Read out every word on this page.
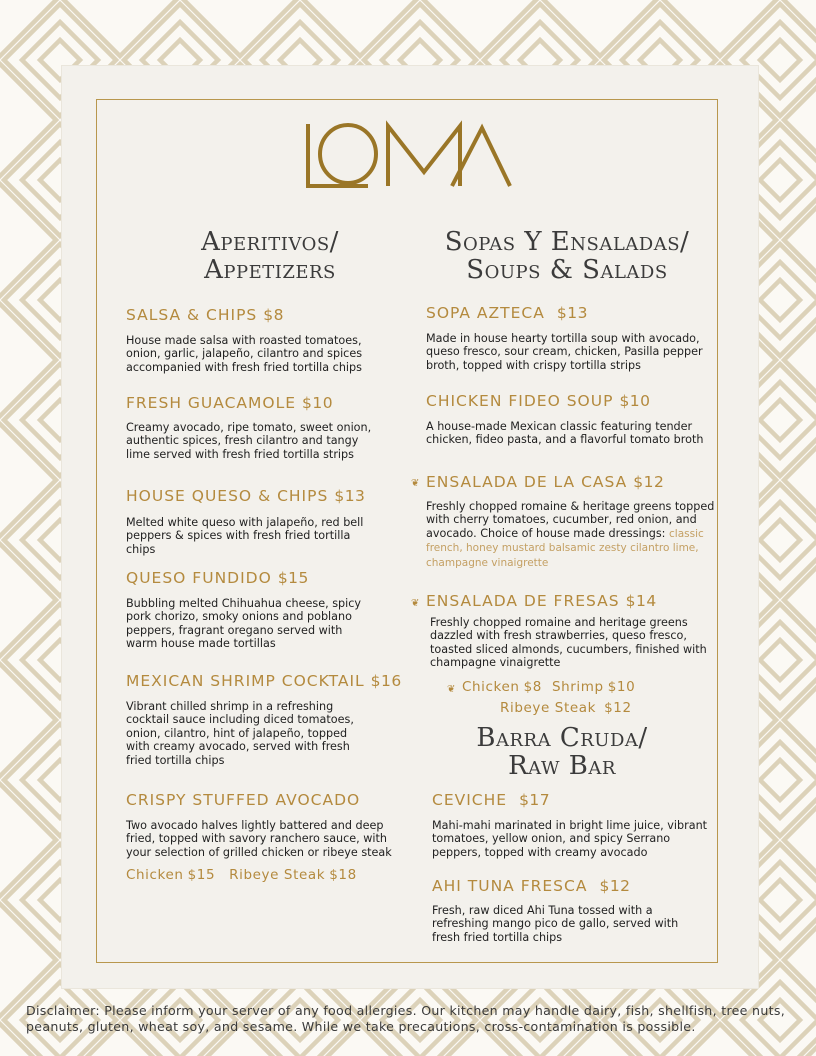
Aperitivos/
Appetizers
SALSA & CHIPS $8
House made salsa with roasted tomatoes, onion, garlic, jalapeño, cilantro and spices accompanied with fresh fried tortilla chips
FRESH GUACAMOLE $10
Creamy avocado, ripe tomato, sweet onion, authentic spices, fresh cilantro and tangy lime served with fresh fried tortilla strips
HOUSE QUESO & CHIPS $13
Melted white queso with jalapeño, red bell peppers & spices with fresh fried tortilla chips
QUESO FUNDIDO $15
Bubbling melted Chihuahua cheese, spicy pork chorizo, smoky onions and poblano peppers, fragrant oregano served with warm house made tortillas
MEXICAN SHRIMP COCKTAIL $16
Vibrant chilled shrimp in a refreshing cocktail sauce including diced tomatoes, onion, cilantro, hint of jalapeño, topped with creamy avocado, served with fresh fried tortilla chips
CRISPY STUFFED AVOCADO
Two avocado halves lightly battered and deep fried, topped with savory ranchero sauce, with your selection of grilled chicken or ribeye steak
Chicken $15 Ribeye Steak $18
Sopas Y Ensaladas/
Soups & Salads
SOPA AZTECA $13
Made in house hearty tortilla soup with avocado, queso fresco, sour cream, chicken, Pasilla pepper broth, topped with crispy tortilla strips
CHICKEN FIDEO SOUP $10
A house-made Mexican classic featuring tender chicken, fideo pasta, and a flavorful tomato broth
❦ ENSALADA DE LA CASA $12
Freshly chopped romaine & heritage greens topped with cherry tomatoes, cucumber, red onion, and avocado. Choice of house made dressings: classic french, honey mustard balsamic zesty cilantro lime, champagne vinaigrette
❦ ENSALADA DE FRESAS $14
Freshly chopped romaine and heritage greens dazzled with fresh strawberries, queso fresco, toasted sliced almonds, cucumbers, finished with champagne vinaigrette
❦ Chicken $8 Shrimp $10
Ribeye Steak $12
Barra Cruda/
Raw Bar
CEVICHE $17
Mahi-mahi marinated in bright lime juice, vibrant tomatoes, yellow onion, and spicy Serrano peppers, topped with creamy avocado
AHI TUNA FRESCA $12
Fresh, raw diced Ahi Tuna tossed with a refreshing mango pico de gallo, served with fresh fried tortilla chips
Disclaimer: Please inform your server of any food allergies. Our kitchen may handle dairy, fish, shellfish, tree nuts, peanuts, gluten, wheat soy, and sesame. While we take precautions, cross-contamination is possible.
